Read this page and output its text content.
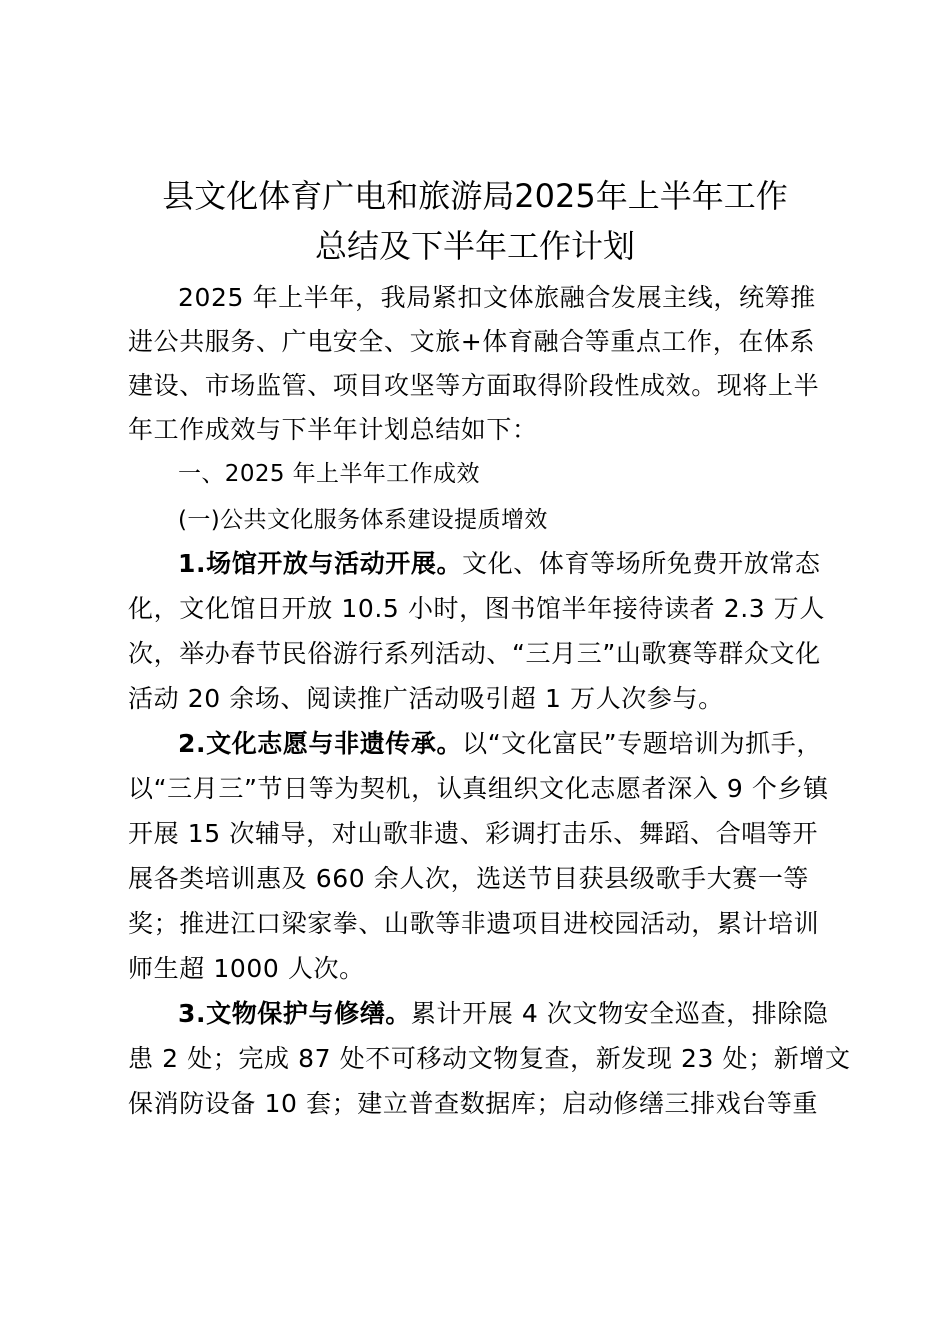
县文化体育广电和旅游局2025年上半年工作
总结及下半年工作计划
2025 年上半年，我局紧扣文体旅融合发展主线，统筹推
进公共服务、广电安全、文旅+体育融合等重点工作，在体系
建设、市场监管、项目攻坚等方面取得阶段性成效。现将上半
年工作成效与下半年计划总结如下：
一、2025 年上半年工作成效
(一)公共文化服务体系建设提质增效
1.场馆开放与活动开展。文化、体育等场所免费开放常态
化，文化馆日开放 10.5 小时，图书馆半年接待读者 2.3 万人
次，举办春节民俗游行系列活动、“三月三”山歌赛等群众文化
活动 20 余场、阅读推广活动吸引超 1 万人次参与。
2.文化志愿与非遗传承。以“文化富民”专题培训为抓手，
以“三月三”节日等为契机，认真组织文化志愿者深入 9 个乡镇
开展 15 次辅导，对山歌非遗、彩调打击乐、舞蹈、合唱等开
展各类培训惠及 660 余人次，选送节目获县级歌手大赛一等
奖；推进江口梁家拳、山歌等非遗项目进校园活动，累计培训
师生超 1000 人次。
3.文物保护与修缮。累计开展 4 次文物安全巡查，排除隐
患 2 处；完成 87 处不可移动文物复查，新发现 23 处；新增文
保消防设备 10 套；建立普查数据库；启动修缮三排戏台等重
